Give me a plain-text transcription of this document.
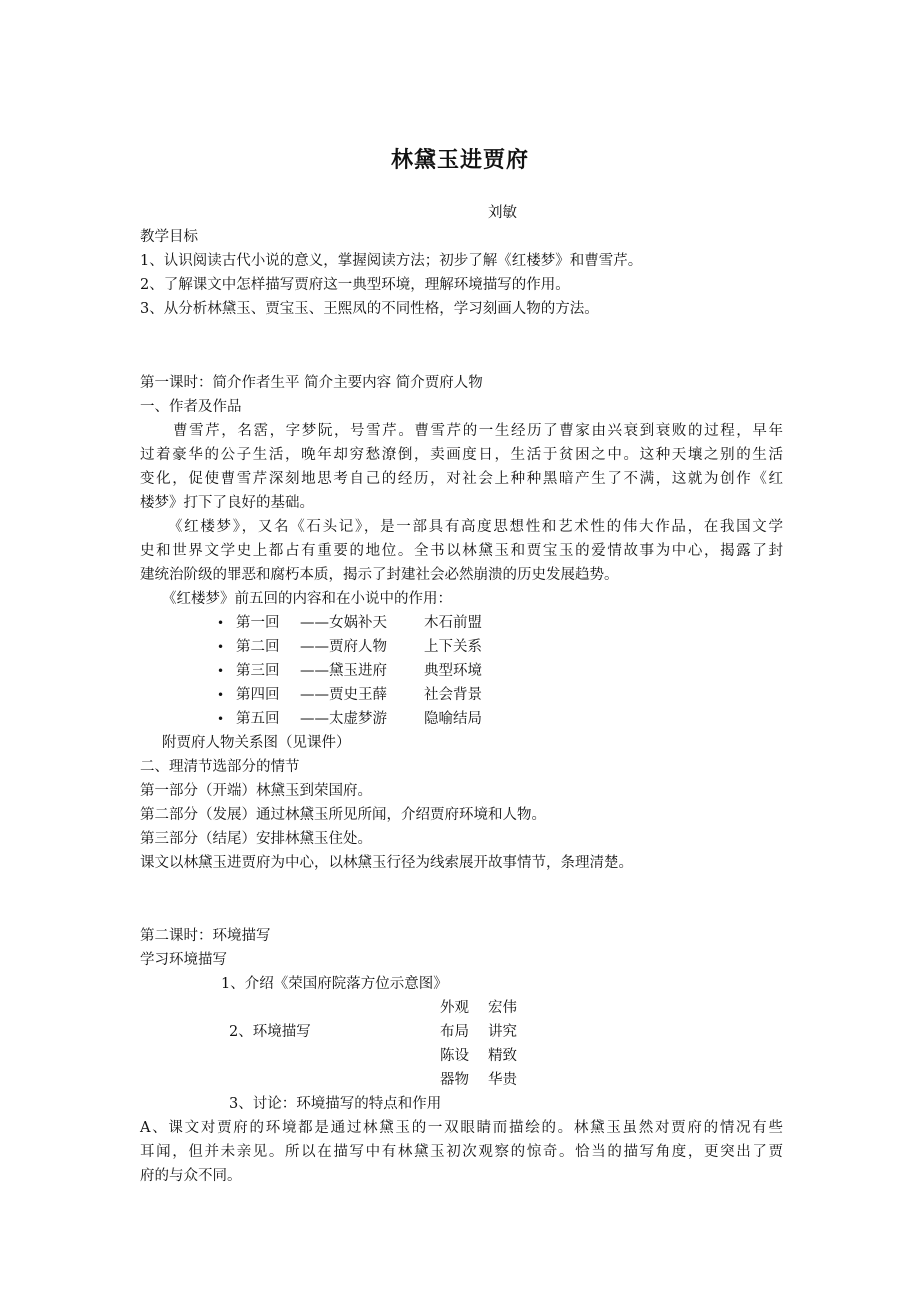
林黛玉进贾府
刘敏
教学目标
1、认识阅读古代小说的意义，掌握阅读方法；初步了解《红楼梦》和曹雪芹。
2、了解课文中怎样描写贾府这一典型环境，理解环境描写的作用。
3、从分析林黛玉、贾宝玉、王熙凤的不同性格，学习刻画人物的方法。
第一课时：简介作者生平 简介主要内容 简介贾府人物
一、作者及作品
曹雪芹，名霑，字梦阮，号雪芹。曹雪芹的一生经历了曹家由兴衰到衰败的过程，早年
过着豪华的公子生活，晚年却穷愁潦倒，卖画度日，生活于贫困之中。这种天壤之别的生活
变化，促使曹雪芹深刻地思考自己的经历，对社会上种种黑暗产生了不满，这就为创作《红
楼梦》打下了良好的基础。
《红楼梦》，又名《石头记》，是一部具有高度思想性和艺术性的伟大作品，在我国文学
史和世界文学史上都占有重要的地位。全书以林黛玉和贾宝玉的爱情故事为中心，揭露了封
建统治阶级的罪恶和腐朽本质，揭示了封建社会必然崩溃的历史发展趋势。
《红楼梦》前五回的内容和在小说中的作用：
• 第一回 ——女娲补天	木石前盟
• 第二回 ——贾府人物	上下关系
• 第三回 ——黛玉进府	典型环境
• 第四回 ——贾史王薛	社会背景
• 第五回 ——太虚梦游	隐喻结局
附贾府人物关系图（见课件）
二、理清节选部分的情节
第一部分（开端）林黛玉到荣国府。
第二部分（发展）通过林黛玉所见所闻，介绍贾府环境和人物。
第三部分（结尾）安排林黛玉住处。
课文以林黛玉进贾府为中心，以林黛玉行径为线索展开故事情节，条理清楚。
第二课时：环境描写
学习环境描写
1、介绍《荣国府院落方位示意图》
外观 宏伟
2、环境描写	布局 讲究
陈设 精致
器物 华贵
3、讨论：环境描写的特点和作用
A、课文对贾府的环境都是通过林黛玉的一双眼睛而描绘的。林黛玉虽然对贾府的情况有些
耳闻，但并未亲见。所以在描写中有林黛玉初次观察的惊奇。恰当的描写角度，更突出了贾
府的与众不同。
